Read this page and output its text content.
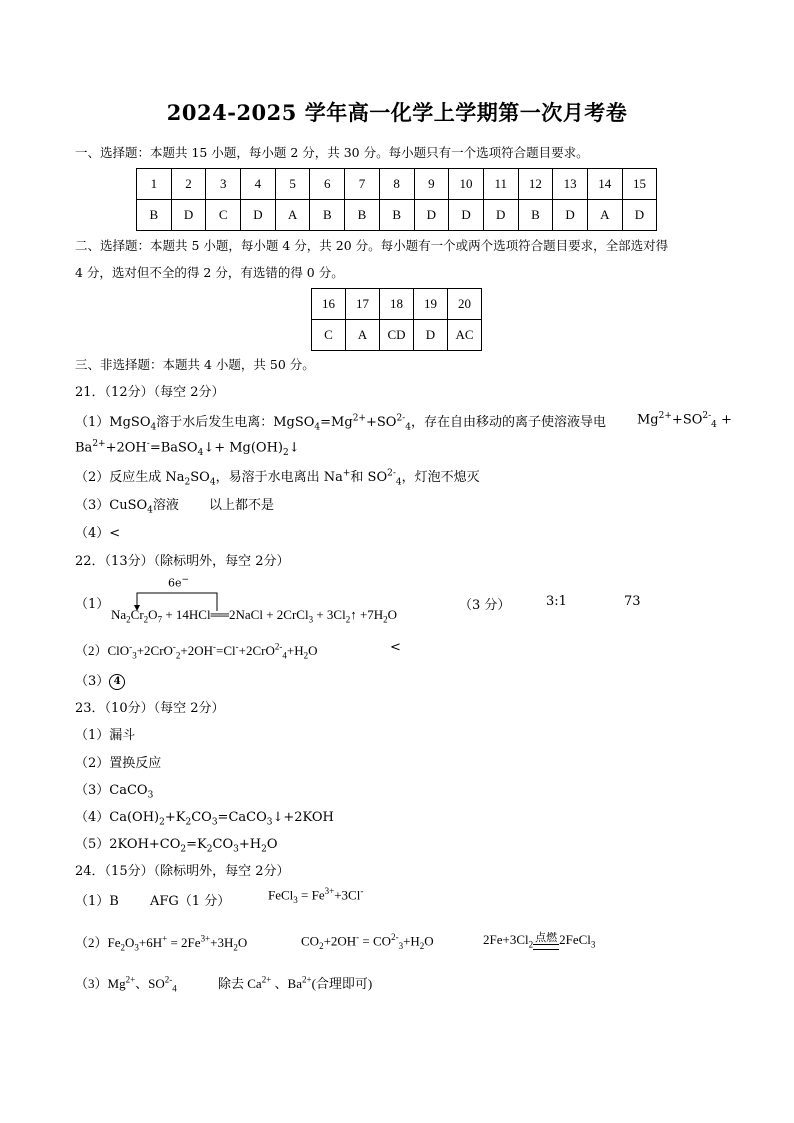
2024-2025 学年高一化学上学期第一次月考卷
一、选择题：本题共 15 小题，每小题 2 分，共 30 分。每小题只有一个选项符合题目要求。
1	2	3	4	5	6	7	8	9	10	11	12	13	14	15
B	D	C	D	A	B	B	B	D	D	D	B	D	A	D
二、选择题：本题共 5 小题，每小题 4 分，共 20 分。每小题有一个或两个选项符合题目要求，全部选对得
4 分，选对但不全的得 2 分，有选错的得 0 分。
16	17	18	19	20
C	A	CD	D	AC
三、非选择题：本题共 4 小题，共 50 分。
21．（12分）（每空 2分）
（1）MgSO$_4$溶于水后发生电离：$MgSO_4=Mg^{2+}+SO^{2-}_4$，存在自由移动的离子使溶液导电 $Mg^{2+}+SO^{2-}_4$ +
$Ba^{2+}+2OH^-=BaSO_4↓+$ $Mg(OH)_2↓$
（2）反应生成 $Na_2SO_4$，易溶于水电离出 Na+和 $SO^{2-}_4$，灯泡不熄灭
（3）CuSO$_4$溶液 以上都不是
（4）<
22．（13分）（除标明外，每空 2分）
（1）
6e−
$Na_2Cr_2O_7$ + 14HCl══2NaCl + 2CrCl$_3$ + $3Cl_2↑ +7H_2O$
（3 分）	3:1	73
$(2)ClO^-_3+2CrO^-_2+2OH^-=Cl^-+2CrO^{2-}_4+H_2O$	<
（3） 4
23．（10分）（每空 2分）
（1）漏斗
（2）置换反应
（3）CaCO$_3$
$(4)Ca(OH)_2+K_2CO_3=CaCO_3↓+2KOH$
$(5)2KOH+CO_2=K_2CO_3+H_2O$
24．（15分）（除标明外，每空 2分）
（1）B AFG（1 分）	FeCl$_3$ = $Fe^{3+}+3Cl^-$
$(2)Fe_2O_3+6H^+ = 2Fe^{3+}+3H_2O$	$CO_2+2OH^- = CO^{2-}_3+H_2O$	$2Fe+3Cl_2$
点燃 2FeCl$_3$
$(3)Mg^{2+}$、$SO^{2-}_4$	除去 $Ca^{2+}$ 、$Ba^{2+}$(合理即可)
